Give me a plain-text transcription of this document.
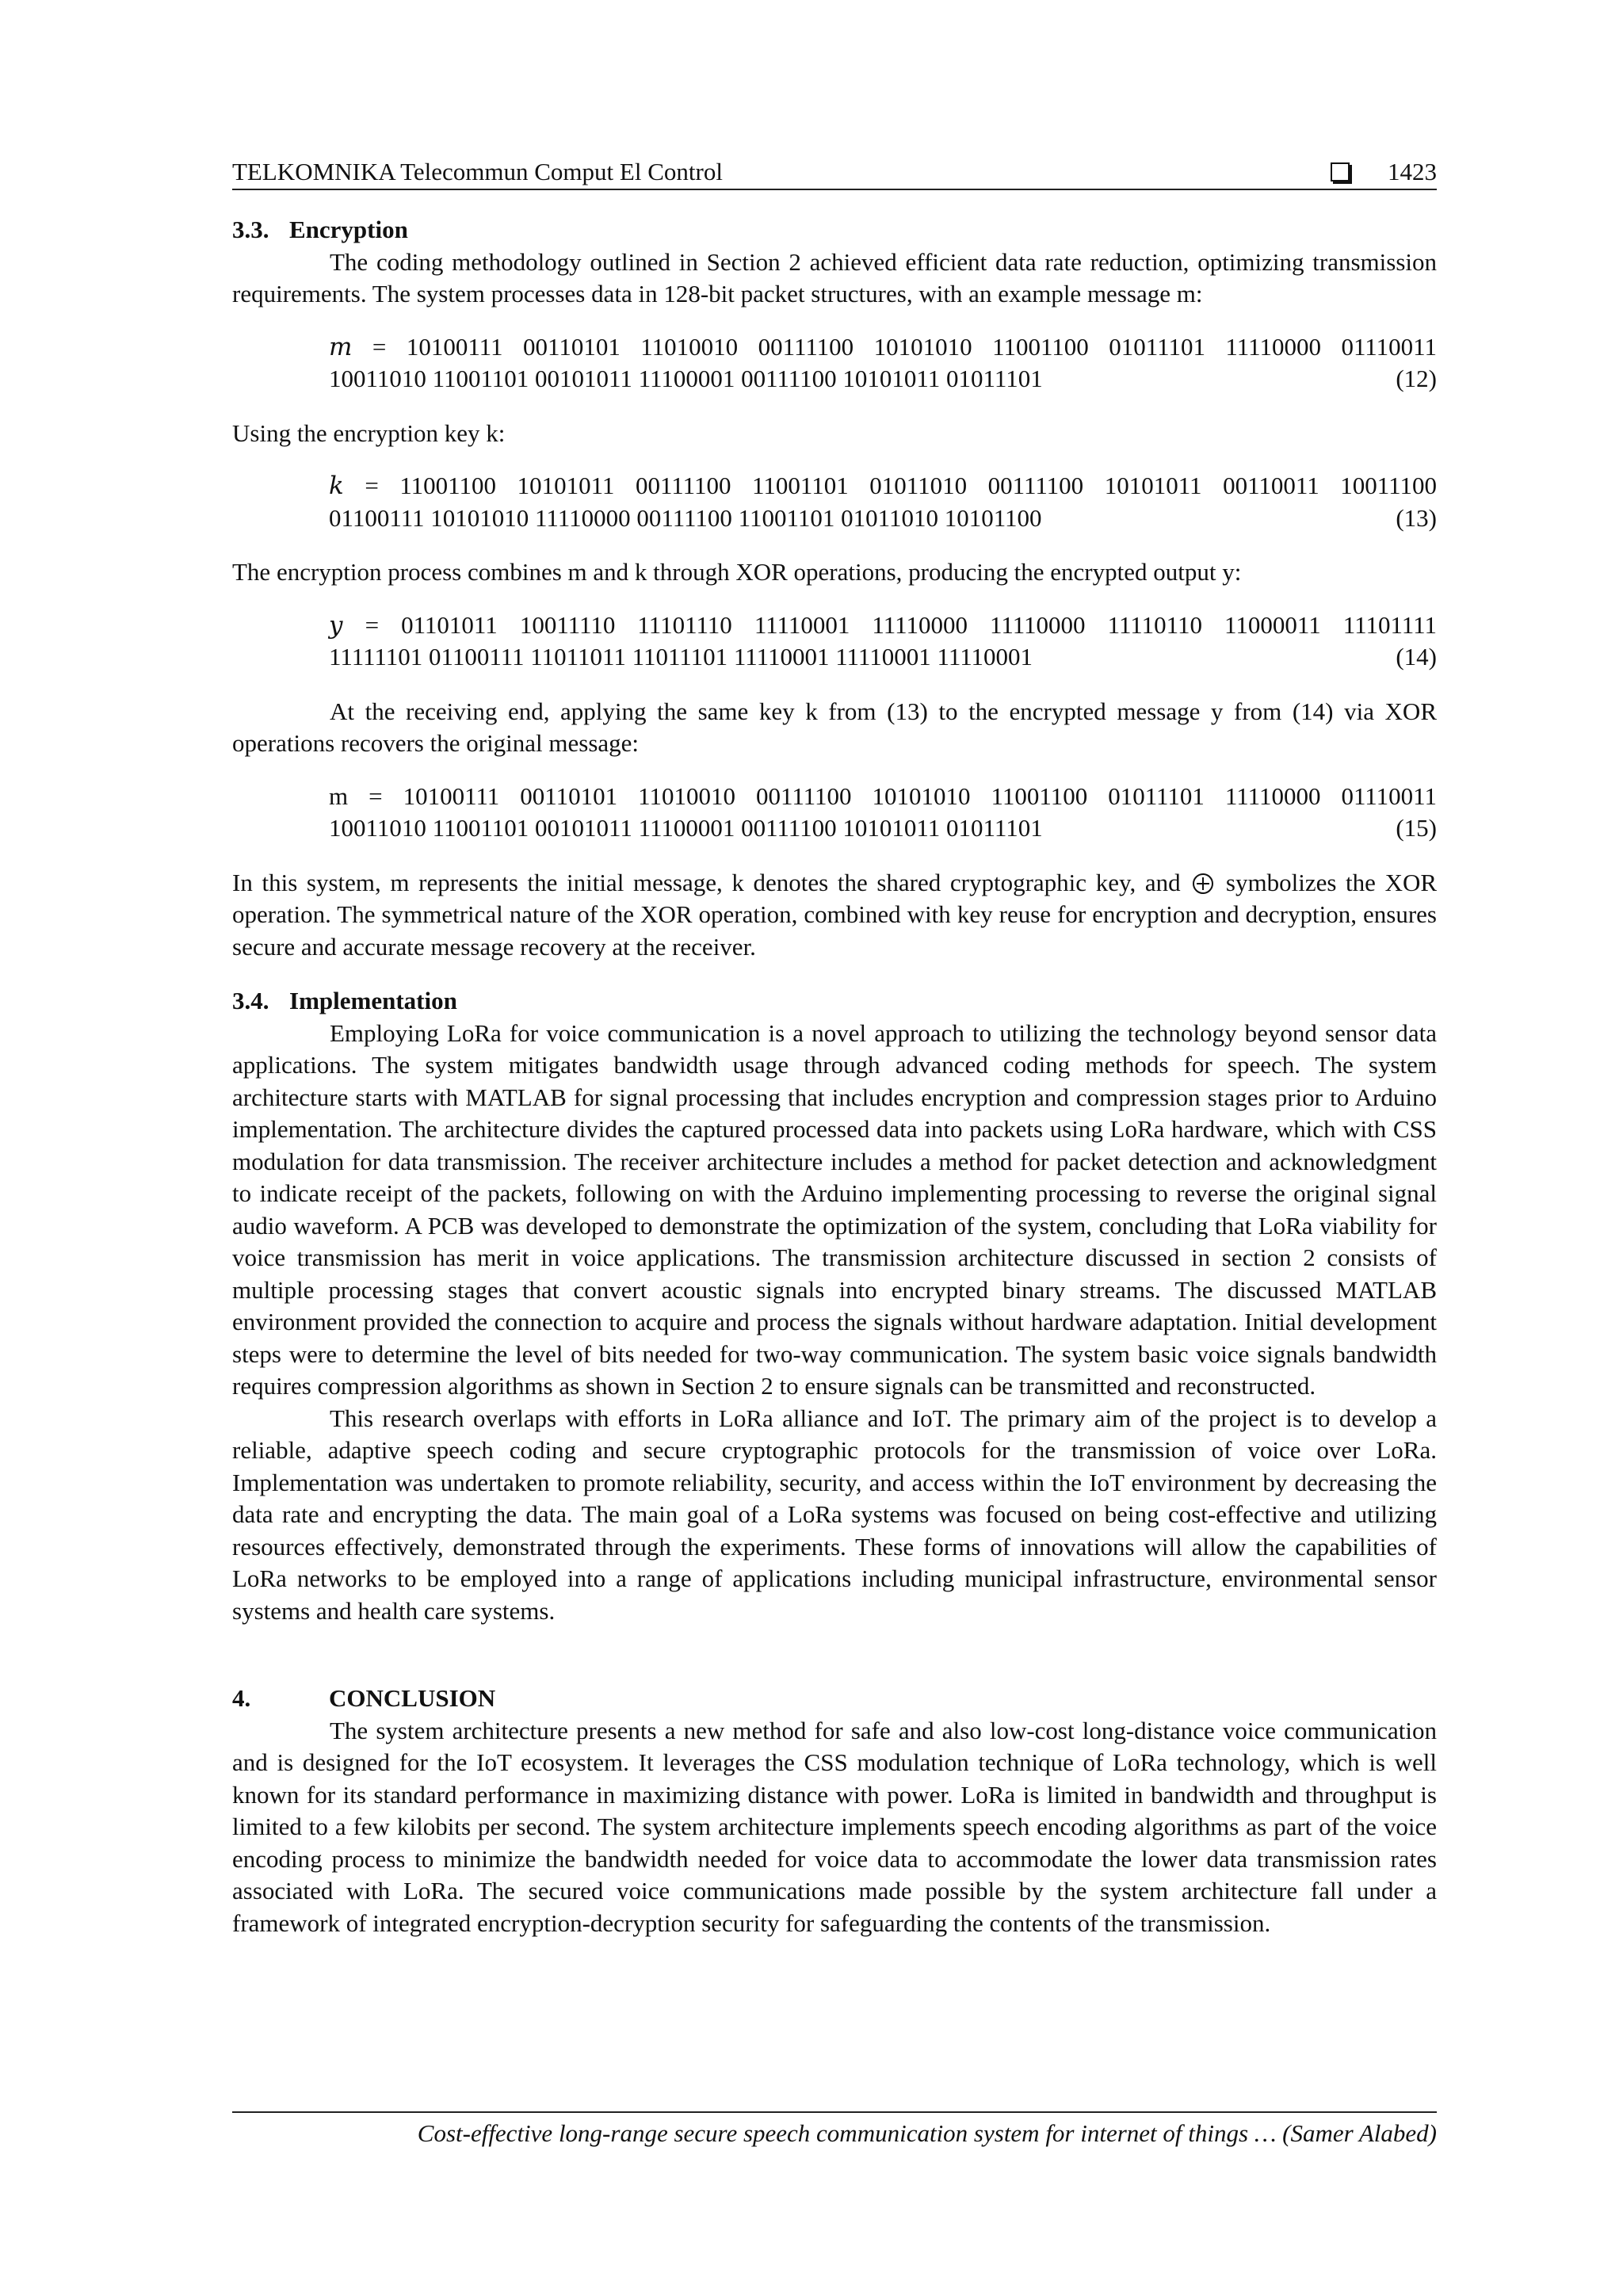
TELKOMNIKA Telecommun Comput El Control	1423

3.3. Encryption

The coding methodology outlined in Section 2 achieved efficient data rate reduction, optimizing transmission requirements. The system processes data in 128-bit packet structures, with an example message m:

m = 10100111 00110101 11010010 00111100 10101010 11001100 01011101 11110000 01110011
10011010 11001101 00101011 11100001 00111100 10101011 01011101	(12)

Using the encryption key k:

k = 11001100 10101011 00111100 11001101 01011010 00111100 10101011 00110011 10011100
01100111 10101010 11110000 00111100 11001101 01011010 10101100	(13)

The encryption process combines m and k through XOR operations, producing the encrypted output y:

y = 01101011 10011110 11101110 11110001 11110000 11110000 11110110 11000011 11101111
11111101 01100111 11011011 11011101 11110001 11110001 11110001	(14)

At the receiving end, applying the same key k from (13) to the encrypted message y from (14) via XOR operations recovers the original message:

m = 10100111 00110101 11010010 00111100 10101010 11001100 01011101 11110000 01110011
10011010 11001101 00101011 11100001 00111100 10101011 01011101	(15)

In this system, m represents the initial message, k denotes the shared cryptographic key, and symbolizes the XOR operation. The symmetrical nature of the XOR operation, combined with key reuse for encryption and decryption, ensures secure and accurate message recovery at the receiver.

3.4. Implementation

Employing LoRa for voice communication is a novel approach to utilizing the technology beyond sensor data applications. The system mitigates bandwidth usage through advanced coding methods for speech. The system architecture starts with MATLAB for signal processing that includes encryption and compression stages prior to Arduino implementation. The architecture divides the captured processed data into packets using LoRa hardware, which with CSS modulation for data transmission. The receiver architecture includes a method for packet detection and acknowledgment to indicate receipt of the packets, following on with the Arduino implementing processing to reverse the original signal audio waveform. A PCB was developed to demonstrate the optimization of the system, concluding that LoRa viability for voice transmission has merit in voice applications. The transmission architecture discussed in section 2 consists of multiple processing stages that convert acoustic signals into encrypted binary streams. The discussed MATLAB environment provided the connection to acquire and process the signals without hardware adaptation. Initial development steps were to determine the level of bits needed for two-way communication. The system basic voice signals bandwidth requires compression algorithms as shown in Section 2 to ensure signals can be transmitted and reconstructed.

This research overlaps with efforts in LoRa alliance and IoT. The primary aim of the project is to develop a reliable, adaptive speech coding and secure cryptographic protocols for the transmission of voice over LoRa. Implementation was undertaken to promote reliability, security, and access within the IoT environment by decreasing the data rate and encrypting the data. The main goal of a LoRa systems was focused on being cost-effective and utilizing resources effectively, demonstrated through the experiments. These forms of innovations will allow the capabilities of LoRa networks to be employed into a range of applications including municipal infrastructure, environmental sensor systems and health care systems.

4.	CONCLUSION

The system architecture presents a new method for safe and also low-cost long-distance voice communication and is designed for the IoT ecosystem. It leverages the CSS modulation technique of LoRa technology, which is well known for its standard performance in maximizing distance with power. LoRa is limited in bandwidth and throughput is limited to a few kilobits per second. The system architecture implements speech encoding algorithms as part of the voice encoding process to minimize the bandwidth needed for voice data to accommodate the lower data transmission rates associated with LoRa. The secured voice communications made possible by the system architecture fall under a framework of integrated encryption-decryption security for safeguarding the contents of the transmission.

Cost-effective long-range secure speech communication system for internet of things … (Samer Alabed)
